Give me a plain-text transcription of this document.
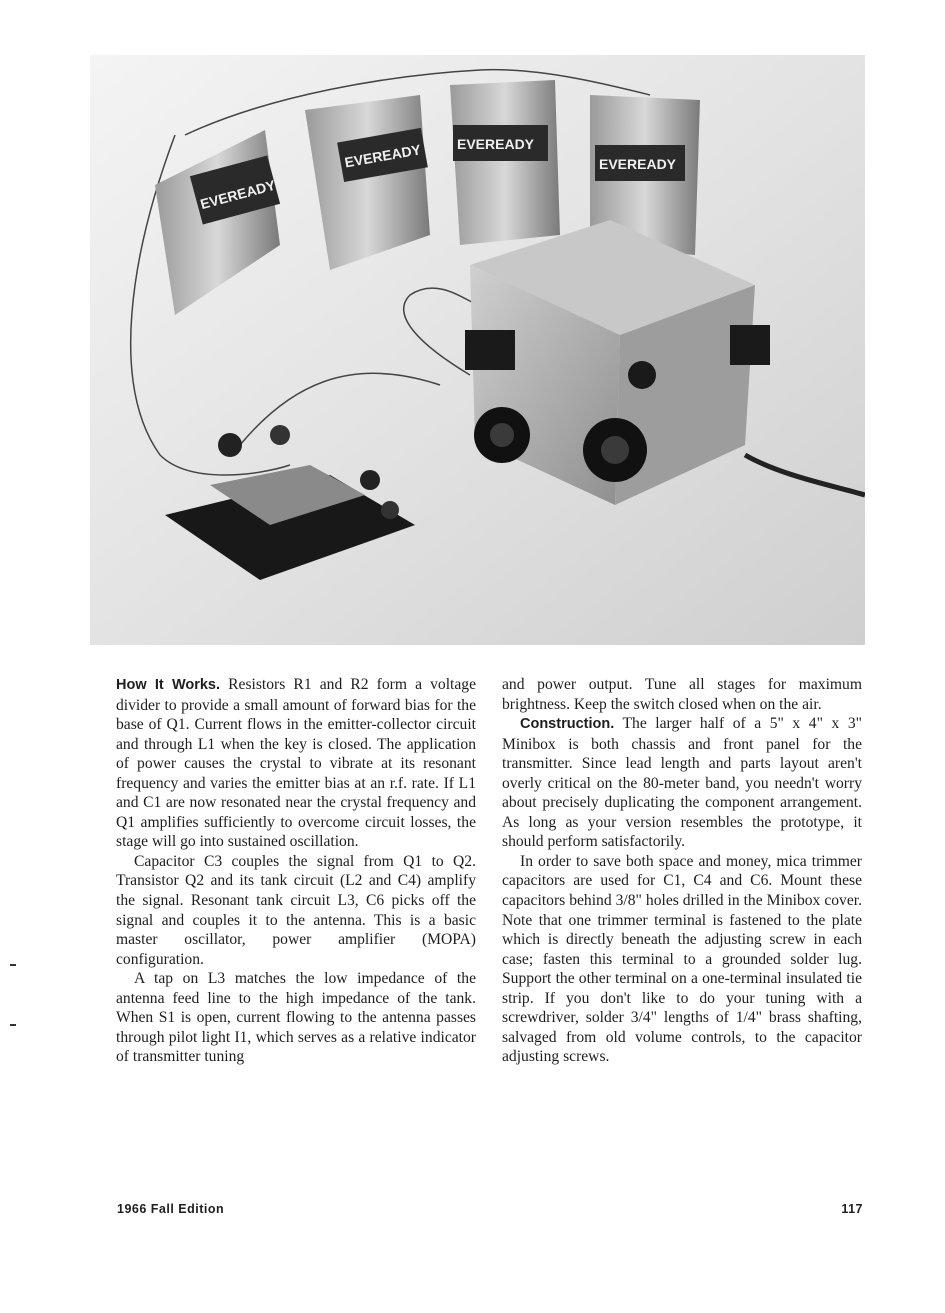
EVEREADY
EVEREADY EVEREADY
EVEREADY

How It Works. Resistors R1 and R2 form a voltage divider to provide a small amount of forward bias for the base of Q1. Current flows in the emitter-collector circuit and through L1 when the key is closed. The application of power causes the crystal to vibrate at its resonant frequency and varies the emitter bias at an r.f. rate. If L1 and C1 are now resonated near the crystal frequency and Q1 amplifies sufficiently to overcome circuit losses, the stage will go into sustained oscillation.

Capacitor C3 couples the signal from Q1 to Q2. Transistor Q2 and its tank circuit (L2 and C4) amplify the signal. Resonant tank circuit L3, C6 picks off the signal and couples it to the antenna. This is a basic master oscillator, power amplifier (MOPA) configuration.

A tap on L3 matches the low impedance of the antenna feed line to the high impedance of the tank. When S1 is open, current flowing to the antenna passes through pilot light I1, which serves as a relative indicator of transmitter tuning

and power output. Tune all stages for maximum brightness. Keep the switch closed when on the air.

Construction. The larger half of a 5" x 4" x 3" Minibox is both chassis and front panel for the transmitter. Since lead length and parts layout aren't overly critical on the 80-meter band, you needn't worry about precisely duplicating the component arrangement. As long as your version resembles the prototype, it should perform satisfactorily.

In order to save both space and money, mica trimmer capacitors are used for C1, C4 and C6. Mount these capacitors behind 3/8" holes drilled in the Minibox cover. Note that one trimmer terminal is fastened to the plate which is directly beneath the adjusting screw in each case; fasten this terminal to a grounded solder lug. Support the other terminal on a one-terminal insulated tie strip. If you don't like to do your tuning with a screwdriver, solder 3/4" lengths of 1/4" brass shafting, salvaged from old volume controls, to the capacitor adjusting screws.

1966 Fall Edition	117
